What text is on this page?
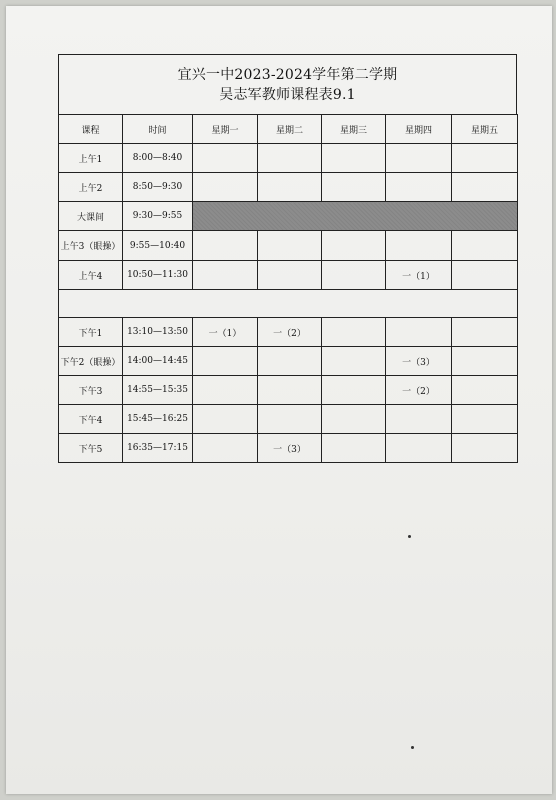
宜兴一中2023-2024学年第二学期
吴志军教师课程表9.1
课程	时间	星期一	星期二	星期三	星期四	星期五
上午1	8:00—8:40					
上午2	8:50—9:30					
大课间	9:30—9:55					
上午3（眼操）	9:55—10:40					
上午4	10:50—11:30				一（1）	

下午1	13:10—13:50	一（1）	一（2）			
下午2（眼操）	14:00—14:45				一（3）	
下午3	14:55—15:35				一（2）	
下午4	15:45—16:25					
下午5	16:35—17:15		一（3）			
